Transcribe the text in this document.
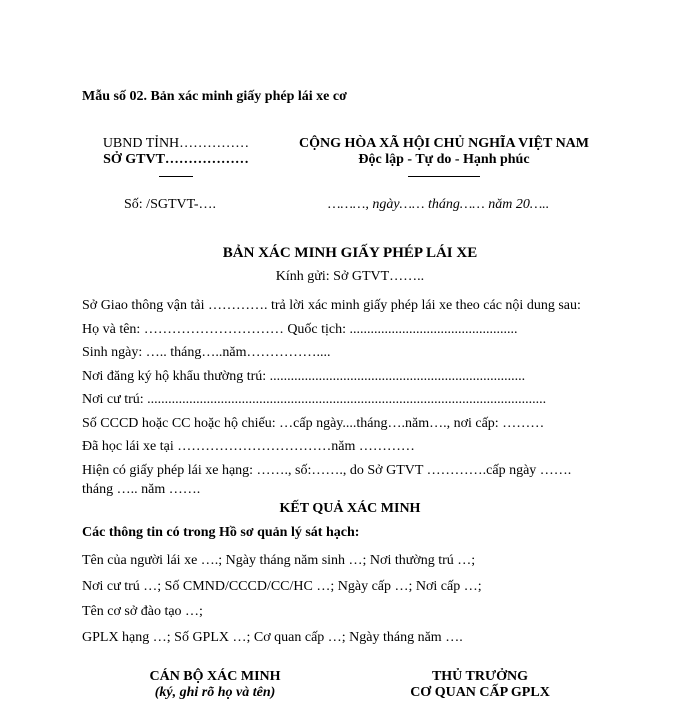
Mẫu số 02. Bản xác minh giấy phép lái xe cơ
UBND TỈNH……………
SỞ GTVT………………
CỘNG HÒA XÃ HỘI CHỦ NGHĨA VIỆT NAM
Độc lập - Tự do - Hạnh phúc
Số: /SGTVT-….	………, ngày…… tháng…… năm 20…..
BẢN XÁC MINH GIẤY PHÉP LÁI XE
Kính gửi: Sở GTVT……..
Sở Giao thông vận tải …………. trả lời xác minh giấy phép lái xe theo các nội dung sau:
Họ và tên: ………………………… Quốc tịch: ................................................
Sinh ngày: ….. tháng…..năm……………....
Nơi đăng ký hộ khẩu thường trú: .........................................................................
Nơi cư trú: ..................................................................................................................
Số CCCD hoặc CC hoặc hộ chiếu: …cấp ngày....tháng….năm…., nơi cấp: ………
Đã học lái xe tại ……………………………năm …………
Hiện có giấy phép lái xe hạng: ……., số:……., do Sở GTVT ………….cấp ngày …….
tháng ….. năm …….
KẾT QUẢ XÁC MINH
Các thông tin có trong Hồ sơ quản lý sát hạch:
Tên của người lái xe ….; Ngày tháng năm sinh …; Nơi thường trú …;
Nơi cư trú …; Số CMND/CCCD/CC/HC …; Ngày cấp …; Nơi cấp …;
Tên cơ sở đào tạo …;
GPLX hạng …; Số GPLX …; Cơ quan cấp …; Ngày tháng năm ….
CÁN BỘ XÁC MINH
(ký, ghi rõ họ và tên)
THỦ TRƯỞNG
CƠ QUAN CẤP GPLX
